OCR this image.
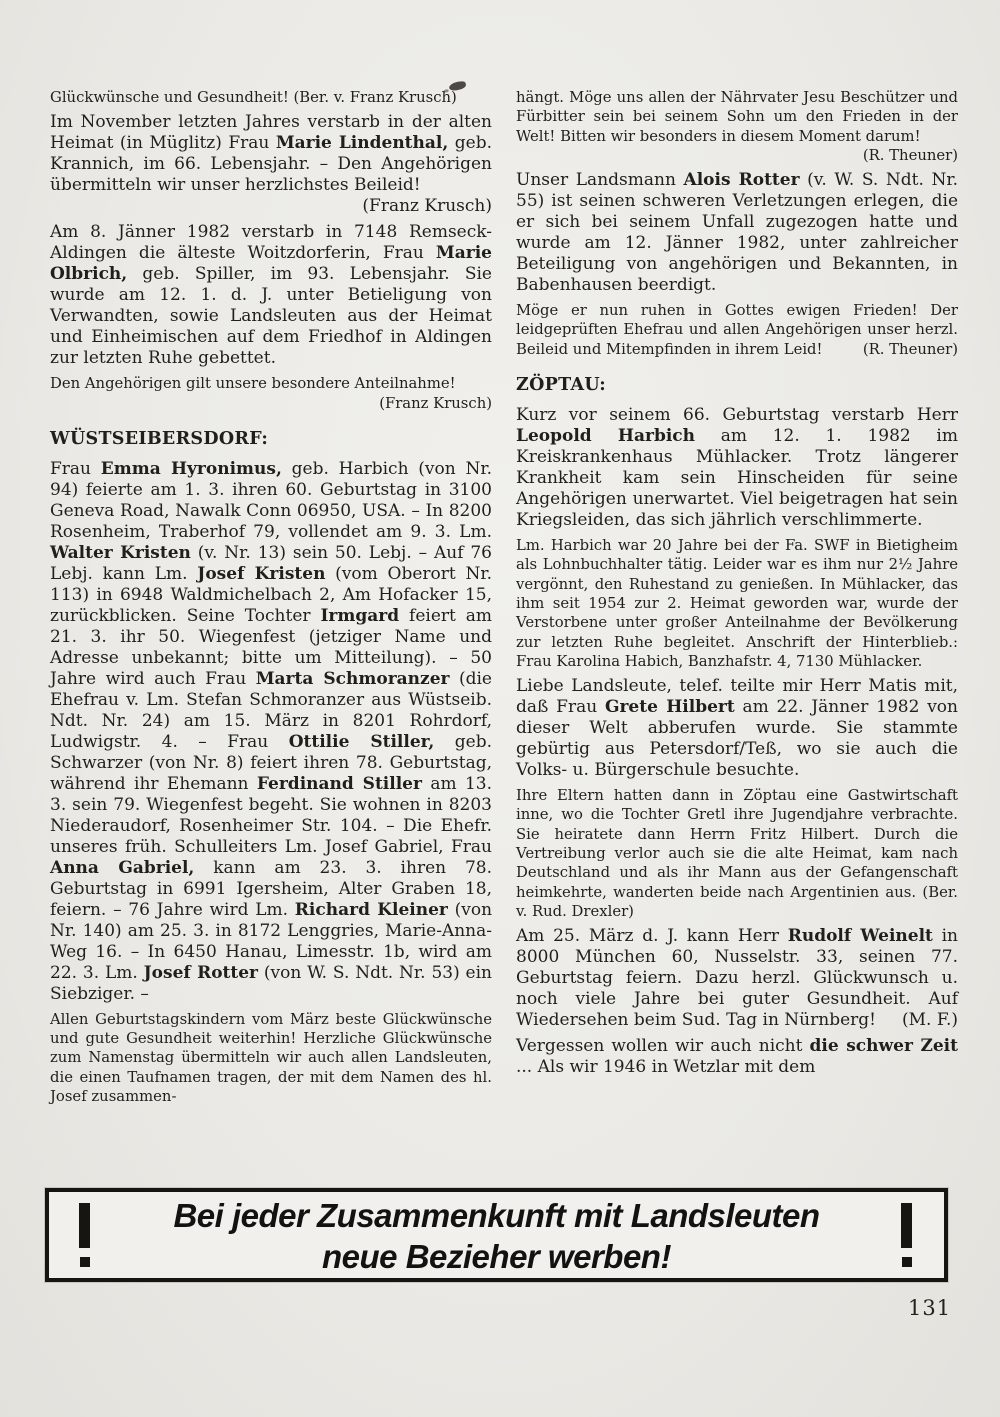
Glückwünsche und Gesundheit! (Ber. v. Franz Krusch)

Im November letzten Jahres verstarb in der alten Heimat (in Müglitz) Frau Marie Lindenthal, geb. Krannich, im 66. Lebensjahr. – Den Angehörigen übermitteln wir unser herzlichstes Beileid!
(Franz Krusch)

Am 8. Jänner 1982 verstarb in 7148 Remseck-Aldingen die älteste Woitzdorferin, Frau Marie Olbrich, geb. Spiller, im 93. Lebensjahr. Sie wurde am 12. 1. d. J. unter Betieligung von Verwandten, sowie Landsleuten aus der Heimat und Einheimischen auf dem Friedhof in Aldingen zur letzten Ruhe gebettet.

Den Angehörigen gilt unsere besondere Anteilnahme!
(Franz Krusch)

WÜSTSEIBERSDORF:

Frau Emma Hyronimus, geb. Harbich (von Nr. 94) feierte am 1. 3. ihren 60. Geburtstag in 3100 Geneva Road, Nawalk Conn 06950, USA. – In 8200 Rosenheim, Traberhof 79, vollendet am 9. 3. Lm. Walter Kristen (v. Nr. 13) sein 50. Lebj. – Auf 76 Lebj. kann Lm. Josef Kristen (vom Oberort Nr. 113) in 6948 Waldmichelbach 2, Am Hofacker 15, zurückblicken. Seine Tochter Irmgard feiert am 21. 3. ihr 50. Wiegenfest (jetziger Name und Adresse unbekannt; bitte um Mitteilung). – 50 Jahre wird auch Frau Marta Schmoranzer (die Ehefrau v. Lm. Stefan Schmoranzer aus Wüstseib. Ndt. Nr. 24) am 15. März in 8201 Rohrdorf, Ludwigstr. 4. – Frau Ottilie Stiller, geb. Schwarzer (von Nr. 8) feiert ihren 78. Geburtstag, während ihr Ehemann Ferdinand Stiller am 13. 3. sein 79. Wiegenfest begeht. Sie wohnen in 8203 Niederaudorf, Rosenheimer Str. 104. – Die Ehefr. unseres früh. Schulleiters Lm. Josef Gabriel, Frau Anna Gabriel, kann am 23. 3. ihren 78. Geburtstag in 6991 Igersheim, Alter Graben 18, feiern. – 76 Jahre wird Lm. Richard Kleiner (von Nr. 140) am 25. 3. in 8172 Lenggries, Marie-Anna-Weg 16. – In 6450 Hanau, Limesstr. 1b, wird am 22. 3. Lm. Josef Rotter (von W. S. Ndt. Nr. 53) ein Siebziger. –

Allen Geburtstagskindern vom März beste Glückwünsche und gute Gesundheit weiterhin! Herzliche Glückwünsche zum Namenstag übermitteln wir auch allen Landsleuten, die einen Taufnamen tragen, der mit dem Namen des hl. Josef zusammen-

hängt. Möge uns allen der Nährvater Jesu Beschützer und Fürbitter sein bei seinem Sohn um den Frieden in der Welt! Bitten wir besonders in diesem Moment darum!
(R. Theuner)

Unser Landsmann Alois Rotter (v. W. S. Ndt. Nr. 55) ist seinen schweren Verletzungen erlegen, die er sich bei seinem Unfall zugezogen hatte und wurde am 12. Jänner 1982, unter zahlreicher Beteiligung von angehörigen und Bekannten, in Babenhausen beerdigt.

Möge er nun ruhen in Gottes ewigen Frieden! Der leidgeprüften Ehefrau und allen Angehörigen unser herzl. Beileid und Mitempfinden in ihrem Leid!	(R. Theuner)

ZÖPTAU:

Kurz vor seinem 66. Geburtstag verstarb Herr Leopold Harbich am 12. 1. 1982 im Kreiskrankenhaus Mühlacker. Trotz längerer Krankheit kam sein Hinscheiden für seine Angehörigen unerwartet. Viel beigetragen hat sein Kriegsleiden, das sich jährlich verschlimmerte.

Lm. Harbich war 20 Jahre bei der Fa. SWF in Bietigheim als Lohnbuchhalter tätig. Leider war es ihm nur 2½ Jahre vergönnt, den Ruhestand zu genießen. In Mühlacker, das ihm seit 1954 zur 2. Heimat geworden war, wurde der Verstorbene unter großer Anteilnahme der Bevölkerung zur letzten Ruhe begleitet. Anschrift der Hinterblieb.: Frau Karolina Habich, Banzhafstr. 4, 7130 Mühlacker.

Liebe Landsleute, telef. teilte mir Herr Matis mit, daß Frau Grete Hilbert am 22. Jänner 1982 von dieser Welt abberufen wurde. Sie stammte gebürtig aus Petersdorf/Teß, wo sie auch die Volks- u. Bürgerschule besuchte.

Ihre Eltern hatten dann in Zöptau eine Gastwirtschaft inne, wo die Tochter Gretl ihre Jugendjahre verbrachte. Sie heiratete dann Herrn Fritz Hilbert. Durch die Vertreibung verlor auch sie die alte Heimat, kam nach Deutschland und als ihr Mann aus der Gefangenschaft heimkehrte, wanderten beide nach Argentinien aus. (Ber. v. Rud. Drexler)

Am 25. März d. J. kann Herr Rudolf Weinelt in 8000 München 60, Nusselstr. 33, seinen 77. Geburtstag feiern. Dazu herzl. Glückwunsch u. noch viele Jahre bei guter Gesundheit. Auf Wiedersehen beim Sud. Tag in Nürnberg! (M. F.)

Vergessen wollen wir auch nicht die schwer Zeit ... Als wir 1946 in Wetzlar mit dem

Bei jeder Zusammenkunft mit Landsleuten
neue Bezieher werben!
131
